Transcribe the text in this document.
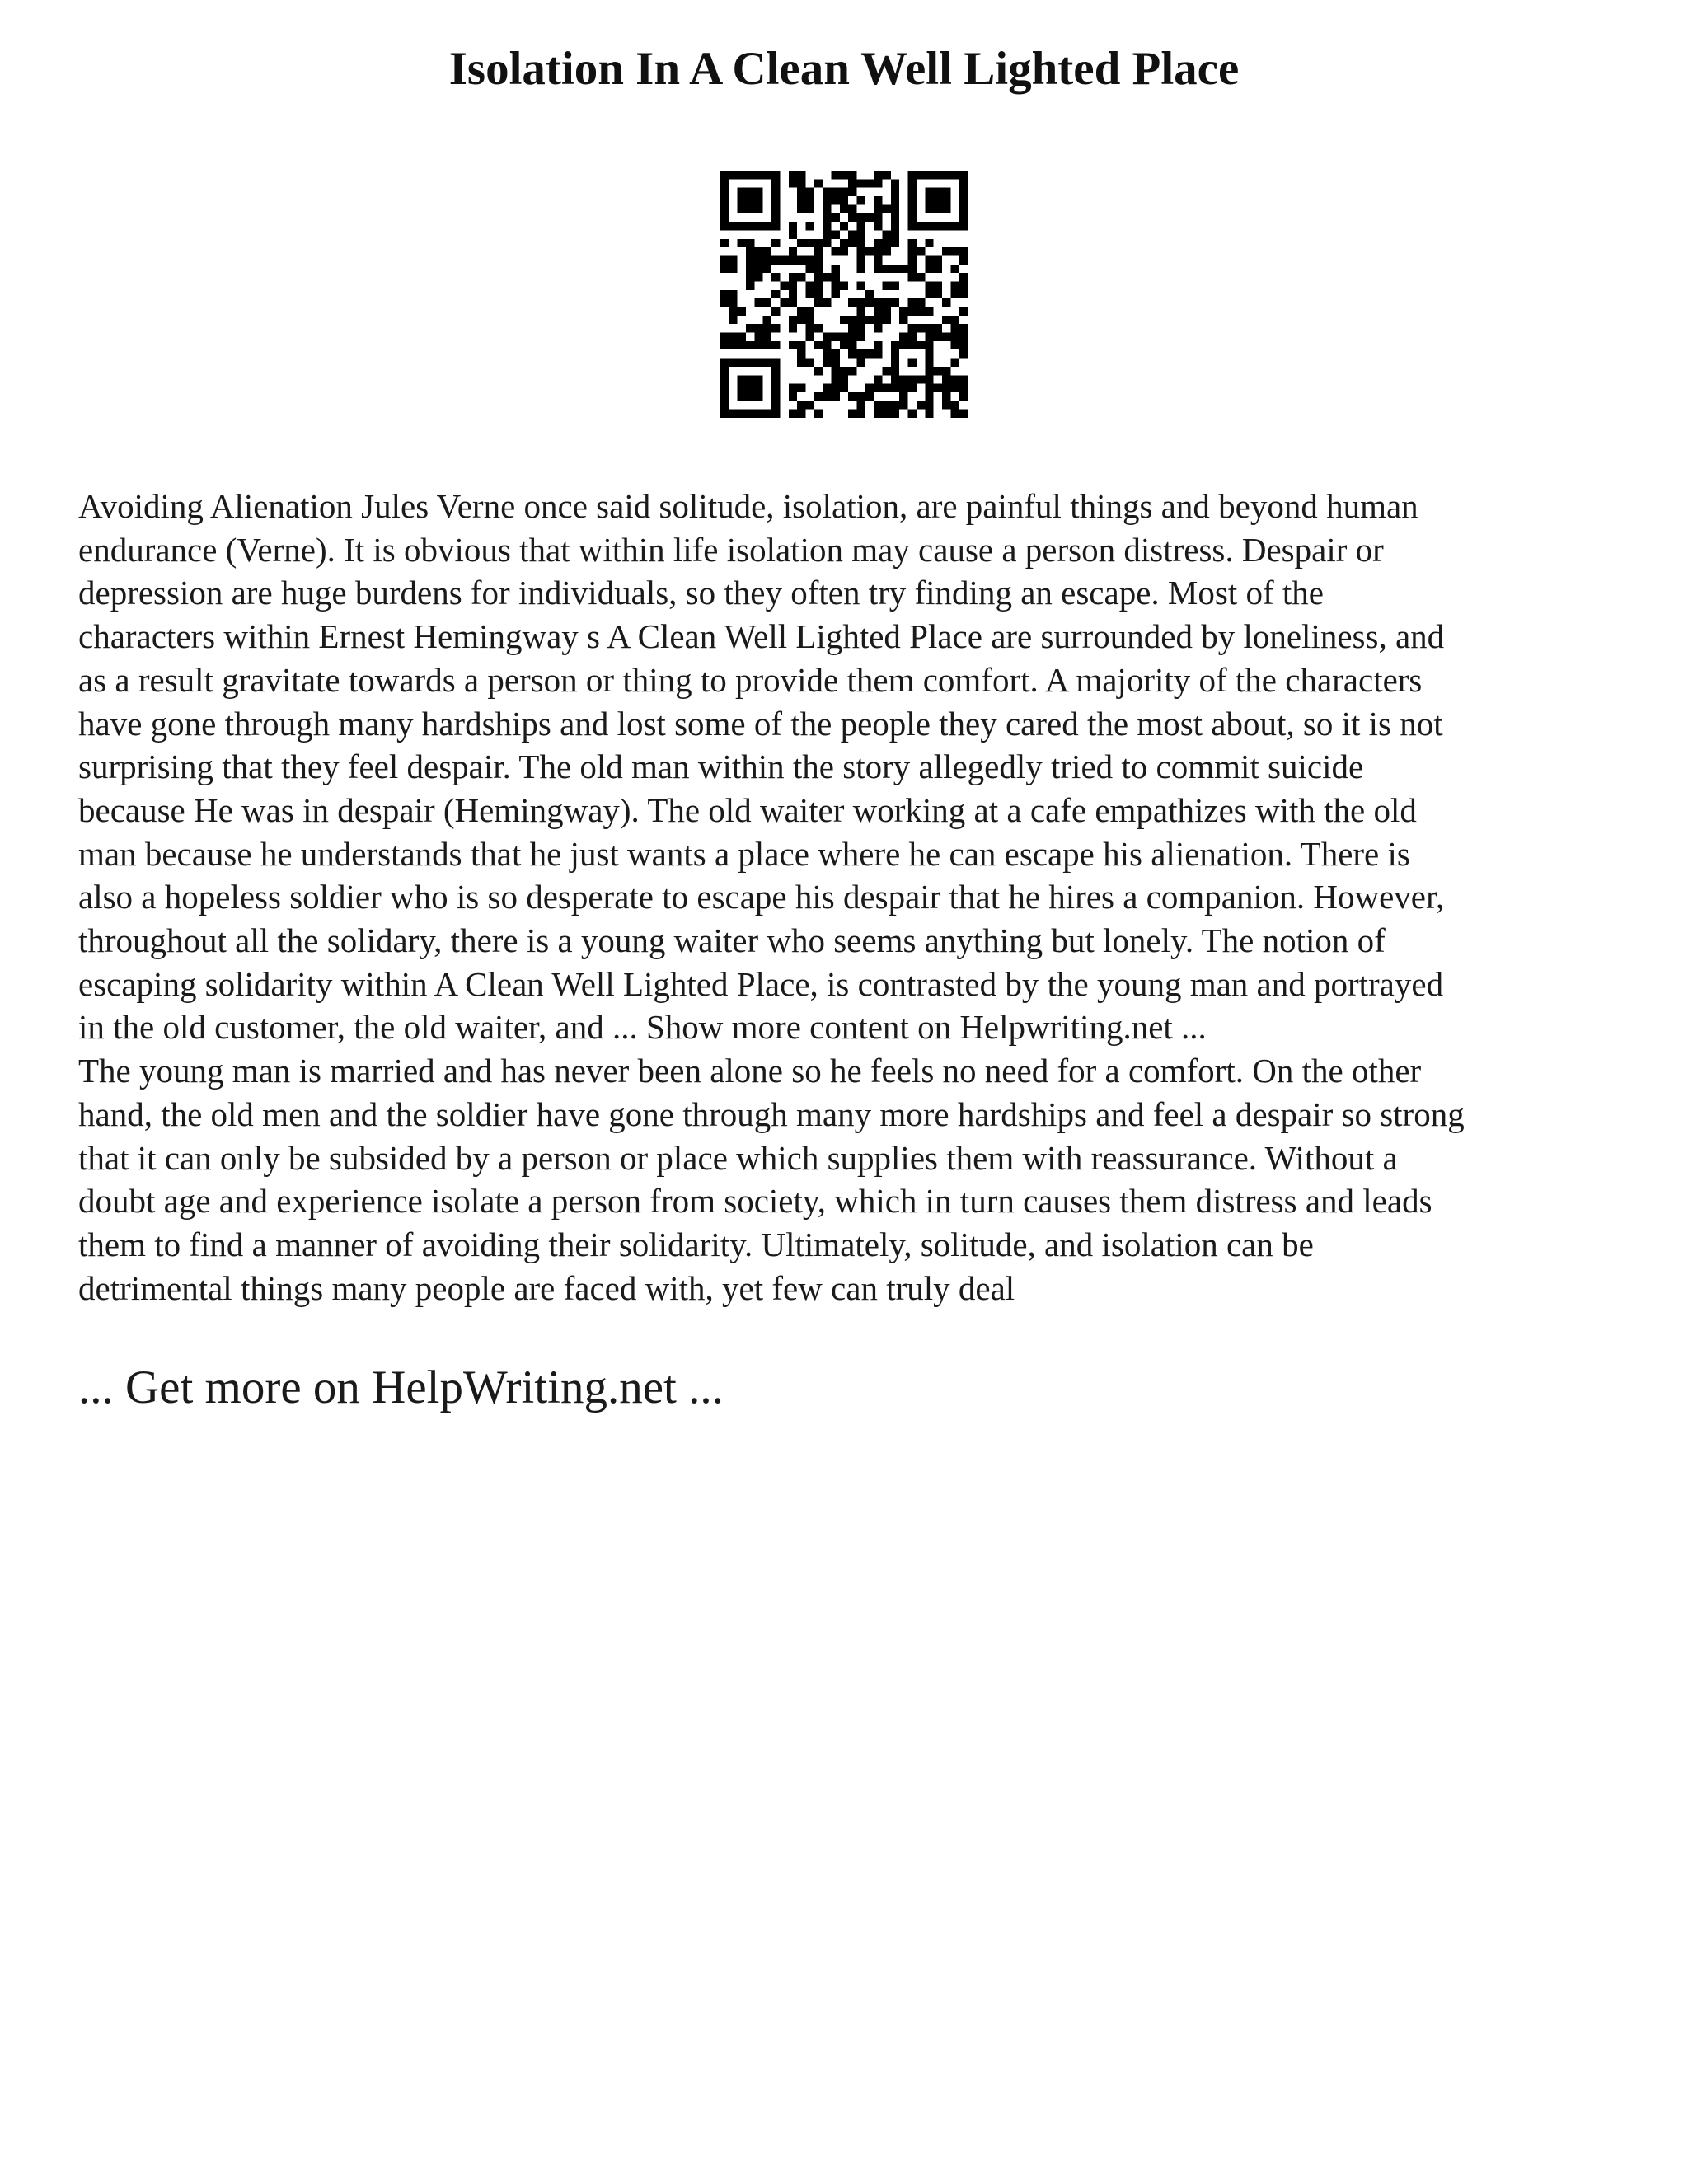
Isolation In A Clean Well Lighted Place
Avoiding Alienation Jules Verne once said solitude, isolation, are painful things and beyond human
endurance (Verne). It is obvious that within life isolation may cause a person distress. Despair or
depression are huge burdens for individuals, so they often try finding an escape. Most of the
characters within Ernest Hemingway s A Clean Well Lighted Place are surrounded by loneliness, and
as a result gravitate towards a person or thing to provide them comfort. A majority of the characters
have gone through many hardships and lost some of the people they cared the most about, so it is not
surprising that they feel despair. The old man within the story allegedly tried to commit suicide
because He was in despair (Hemingway). The old waiter working at a cafe empathizes with the old
man because he understands that he just wants a place where he can escape his alienation. There is
also a hopeless soldier who is so desperate to escape his despair that he hires a companion. However,
throughout all the solidary, there is a young waiter who seems anything but lonely. The notion of
escaping solidarity within A Clean Well Lighted Place, is contrasted by the young man and portrayed
in the old customer, the old waiter, and ... Show more content on Helpwriting.net ...
The young man is married and has never been alone so he feels no need for a comfort. On the other
hand, the old men and the soldier have gone through many more hardships and feel a despair so strong
that it can only be subsided by a person or place which supplies them with reassurance. Without a
doubt age and experience isolate a person from society, which in turn causes them distress and leads
them to find a manner of avoiding their solidarity. Ultimately, solitude, and isolation can be
detrimental things many people are faced with, yet few can truly deal
... Get more on HelpWriting.net ...
